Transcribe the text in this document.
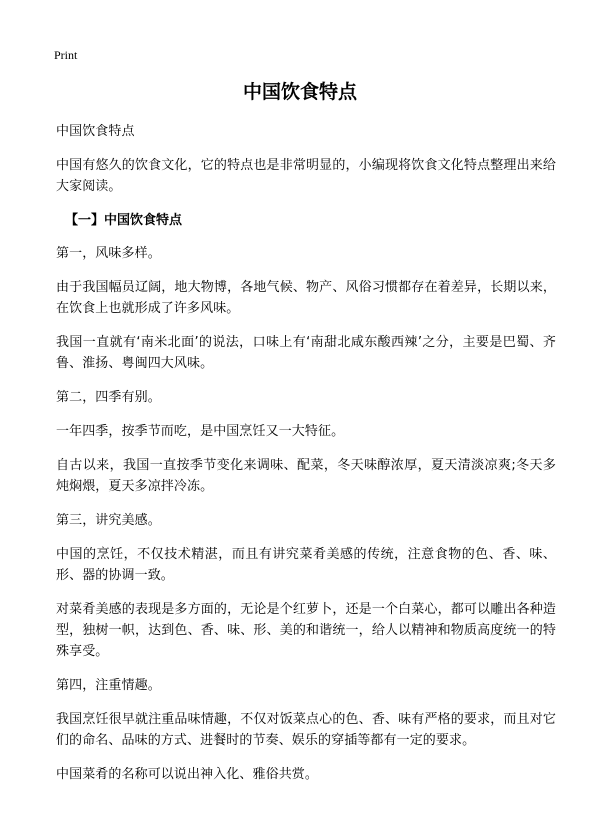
Print
中国饮食特点

中国饮食特点

中国有悠久的饮食文化，它的特点也是非常明显的，小编现将饮食文化特点整理出来给大家阅读。

【一】中国饮食特点

第一，风味多样。

由于我国幅员辽阔，地大物博，各地气候、物产、风俗习惯都存在着差异，长期以来，在饮食上也就形成了许多风味。

我国一直就有‘南米北面’的说法，口味上有‘南甜北咸东酸西辣’之分，主要是巴蜀、齐鲁、淮扬、粤闽四大风味。

第二，四季有别。

一年四季，按季节而吃，是中国烹饪又一大特征。

自古以来，我国一直按季节变化来调味、配菜，冬天味醇浓厚，夏天清淡凉爽;冬天多炖焖煨，夏天多凉拌冷冻。

第三，讲究美感。

中国的烹饪，不仅技术精湛，而且有讲究菜肴美感的传统，注意食物的色、香、味、形、器的协调一致。

对菜肴美感的表现是多方面的，无论是个红萝卜，还是一个白菜心，都可以雕出各种造型，独树一帜，达到色、香、味、形、美的和谐统一，给人以精神和物质高度统一的特殊享受。

第四，注重情趣。

我国烹饪很早就注重品味情趣，不仅对饭菜点心的色、香、味有严格的要求，而且对它们的命名、品味的方式、进餐时的节奏、娱乐的穿插等都有一定的要求。

中国菜肴的名称可以说出神入化、雅俗共赏。
